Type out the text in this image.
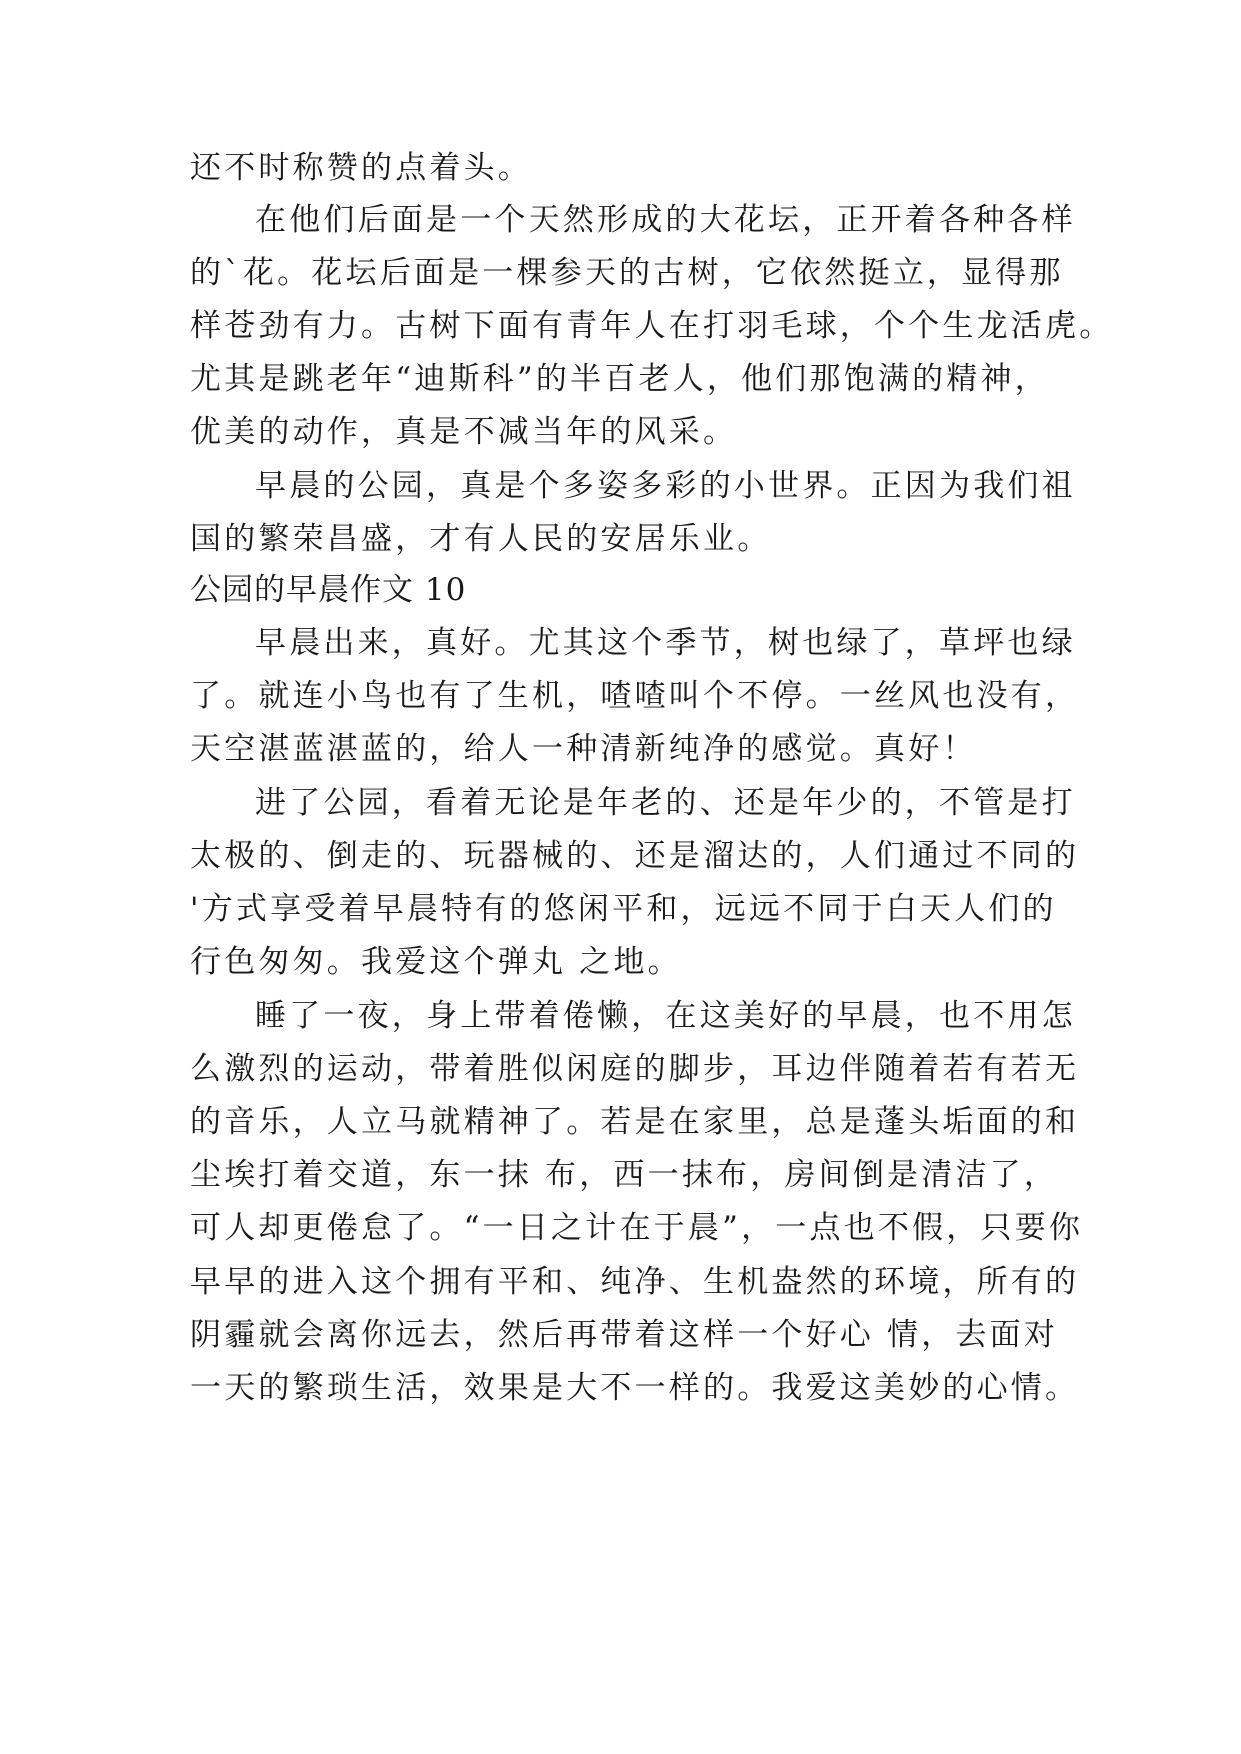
还不时称赞的点着头。
在他们后面是一个天然形成的大花坛，正开着各种各样
的`花。花坛后面是一棵参天的古树，它依然挺立，显得那
样苍劲有力。古树下面有青年人在打羽毛球，个个生龙活虎。
尤其是跳老年“迪斯科”的半百老人，他们那饱满的精神，
优美的动作，真是不减当年的风采。
早晨的公园，真是个多姿多彩的小世界。正因为我们祖
国的繁荣昌盛，才有人民的安居乐业。
公园的早晨作文 10
早晨出来，真好。尤其这个季节，树也绿了，草坪也绿
了。就连小鸟也有了生机，喳喳叫个不停。一丝风也没有，
天空湛蓝湛蓝的，给人一种清新纯净的感觉。真好！
进了公园，看着无论是年老的、还是年少的，不管是打
太极的、倒走的、玩器械的、还是溜达的，人们通过不同的
'方式享受着早晨特有的悠闲平和，远远不同于白天人们的
行色匆匆。我爱这个弹丸 之地。
睡了一夜，身上带着倦懒，在这美好的早晨，也不用怎
么激烈的运动，带着胜似闲庭的脚步，耳边伴随着若有若无
的音乐，人立马就精神了。若是在家里，总是蓬头垢面的和
尘埃打着交道，东一抹 布，西一抹布，房间倒是清洁了，
可人却更倦怠了。“一日之计在于晨”，一点也不假，只要你
早早的进入这个拥有平和、纯净、生机盎然的环境，所有的
阴霾就会离你远去，然后再带着这样一个好心 情，去面对
一天的繁琐生活，效果是大不一样的。我爱这美妙的心情。
